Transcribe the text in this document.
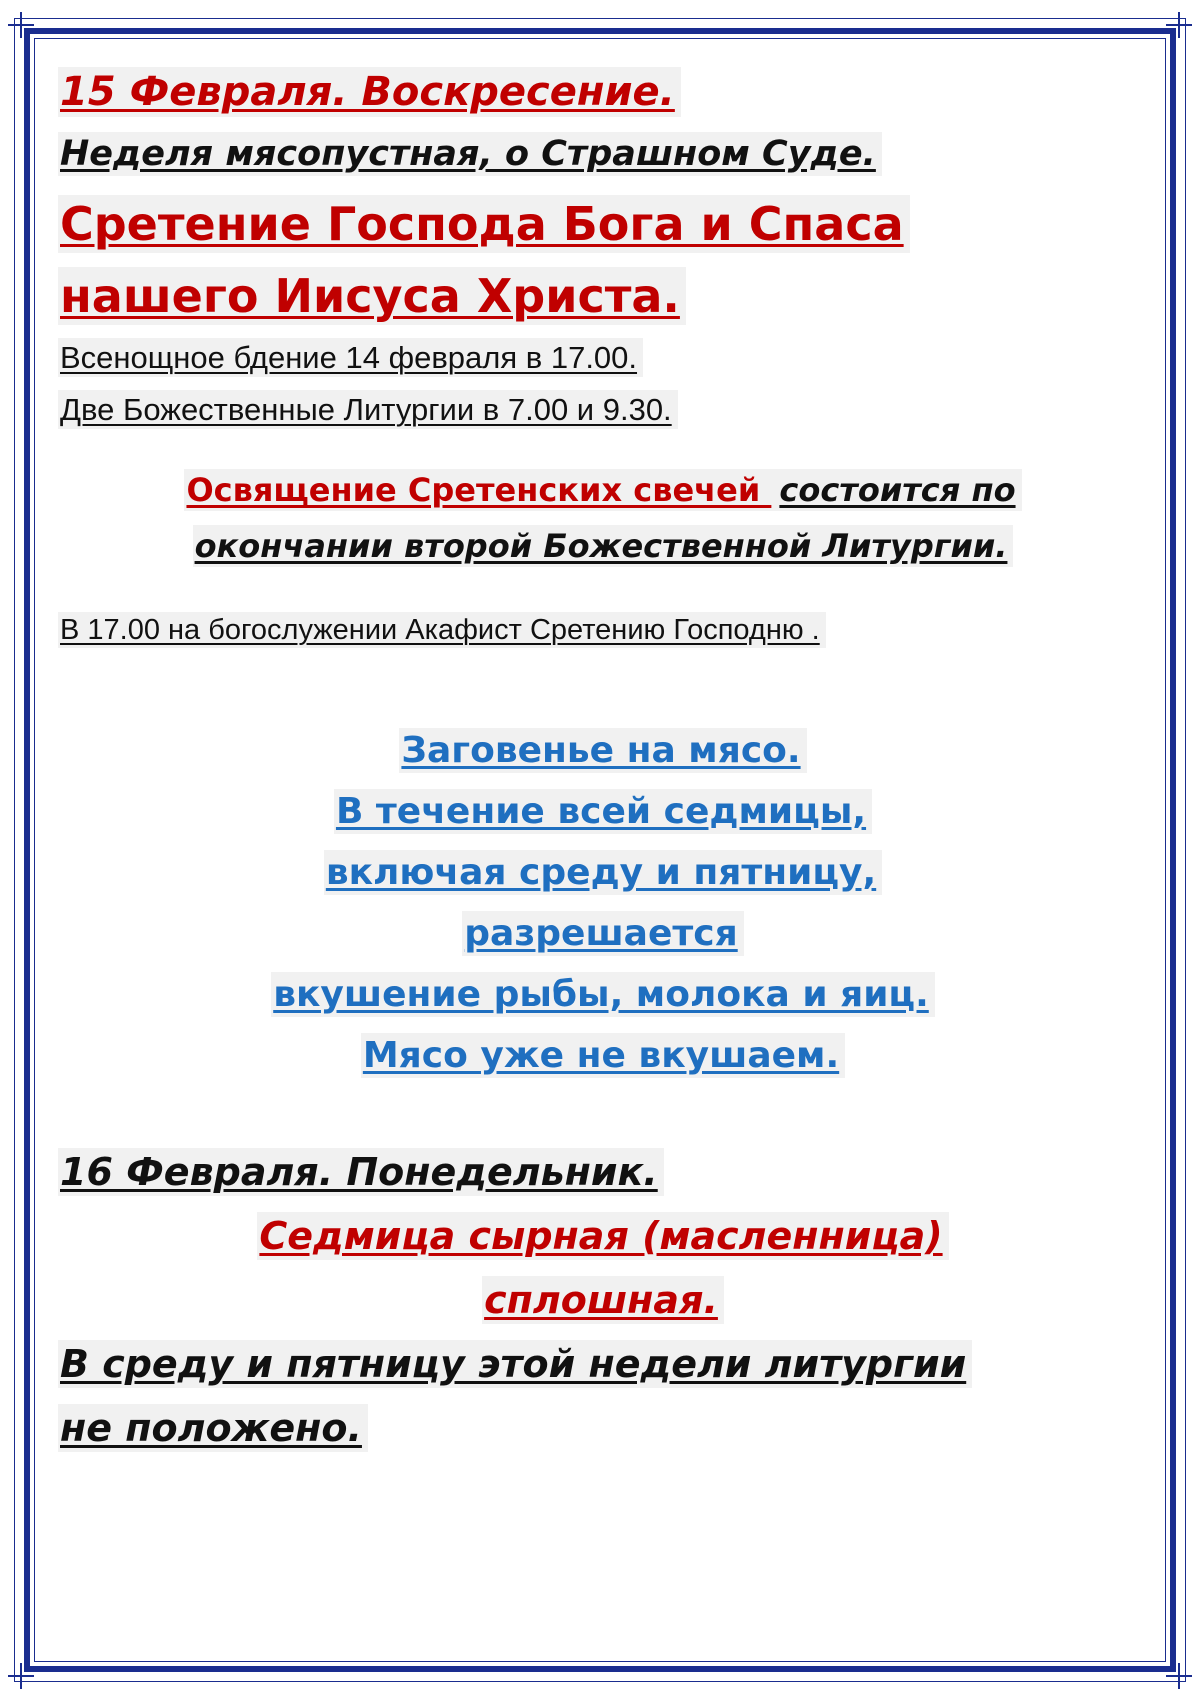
15 Февраля. Воскресение.
Неделя мясопустная, о Страшном Суде.
Сретение Господа Бога и Спаса
нашего Иисуса Христа.
Всенощное бдение 14 февраля в 17.00.
Две Божественные Литургии в 7.00 и 9.30.
Освящение Сретенских свечей состоится по
окончании второй Божественной Литургии.
В 17.00 на богослужении Акафист Сретению Господню .
Заговенье на мясо.
В течение всей седмицы,
включая среду и пятницу,
разрешается
вкушение рыбы, молока и яиц.
Мясо уже не вкушаем.
16 Февраля. Понедельник.
Седмица сырная (масленница)
сплошная.
В среду и пятницу этой недели литургии
не положено.
